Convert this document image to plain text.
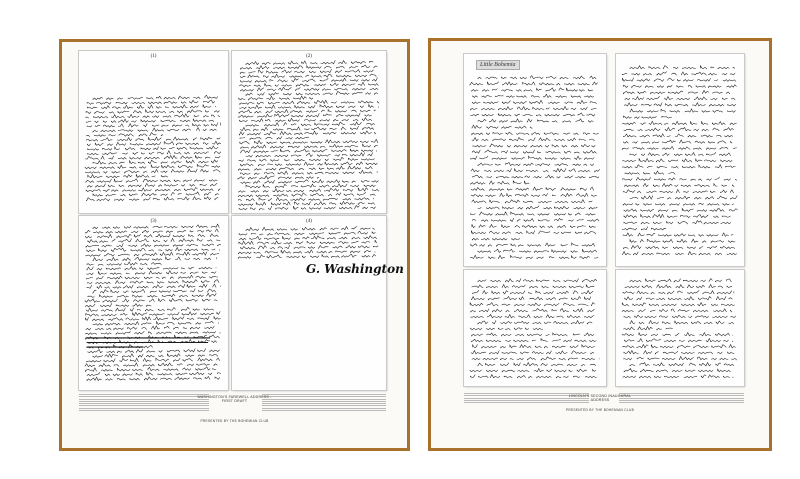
(1)	(2)
(3)	(4)
G. Washington
WASHINGTON'S FAREWELL ADDRESS - FIRST DRAFT
PRESENTED BY THE BOHEMIAN CLUB
Little Bohemia
LINCOLN'S SECOND INAUGURAL ADDRESS
PRESENTED BY THE BOHEMIAN CLUB
